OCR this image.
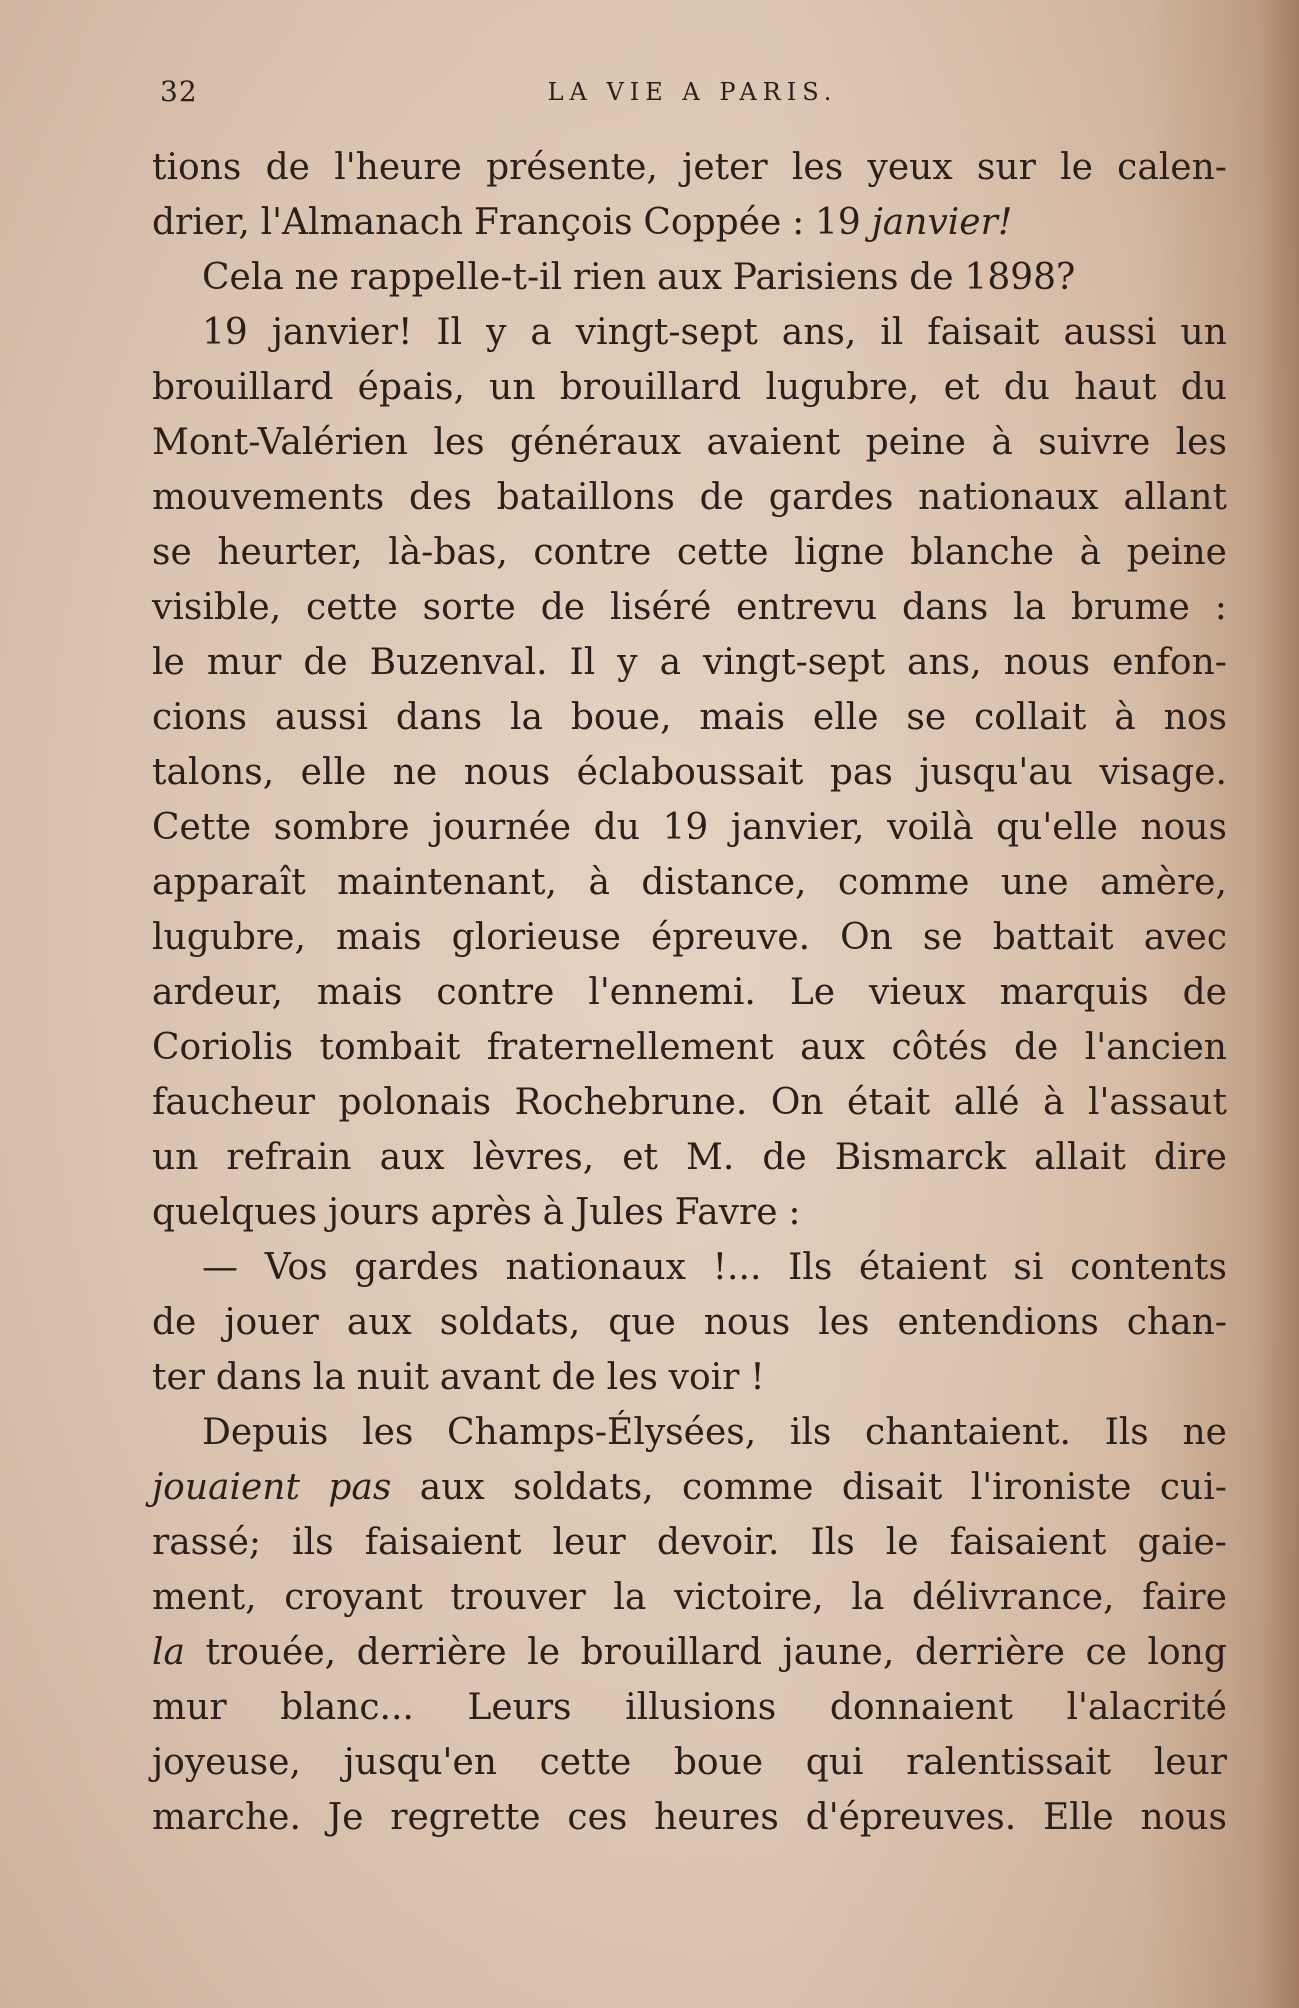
32	LA VIE A PARIS.
tions de l'heure présente, jeter les yeux sur le calen-
drier, l'Almanach François Coppée : 19 janvier!
Cela ne rappelle-t-il rien aux Parisiens de 1898?
19 janvier! Il y a vingt-sept ans, il faisait aussi un
brouillard épais, un brouillard lugubre, et du haut du
Mont-Valérien les généraux avaient peine à suivre les
mouvements des bataillons de gardes nationaux allant
se heurter, là-bas, contre cette ligne blanche à peine
visible, cette sorte de liséré entrevu dans la brume :
le mur de Buzenval. Il y a vingt-sept ans, nous enfon-
cions aussi dans la boue, mais elle se collait à nos
talons, elle ne nous éclaboussait pas jusqu'au visage.
Cette sombre journée du 19 janvier, voilà qu'elle nous
apparaît maintenant, à distance, comme une amère,
lugubre, mais glorieuse épreuve. On se battait avec
ardeur, mais contre l'ennemi. Le vieux marquis de
Coriolis tombait fraternellement aux côtés de l'ancien
faucheur polonais Rochebrune. On était allé à l'assaut
un refrain aux lèvres, et M. de Bismarck allait dire
quelques jours après à Jules Favre :
— Vos gardes nationaux !... Ils étaient si contents
de jouer aux soldats, que nous les entendions chan-
ter dans la nuit avant de les voir !
Depuis les Champs-Élysées, ils chantaient. Ils ne
jouaient pas aux soldats, comme disait l'ironiste cui-
rassé; ils faisaient leur devoir. Ils le faisaient gaie-
ment, croyant trouver la victoire, la délivrance, faire
la trouée, derrière le brouillard jaune, derrière ce long
mur blanc... Leurs illusions donnaient l'alacrité
joyeuse, jusqu'en cette boue qui ralentissait leur
marche. Je regrette ces heures d'épreuves. Elle nous
